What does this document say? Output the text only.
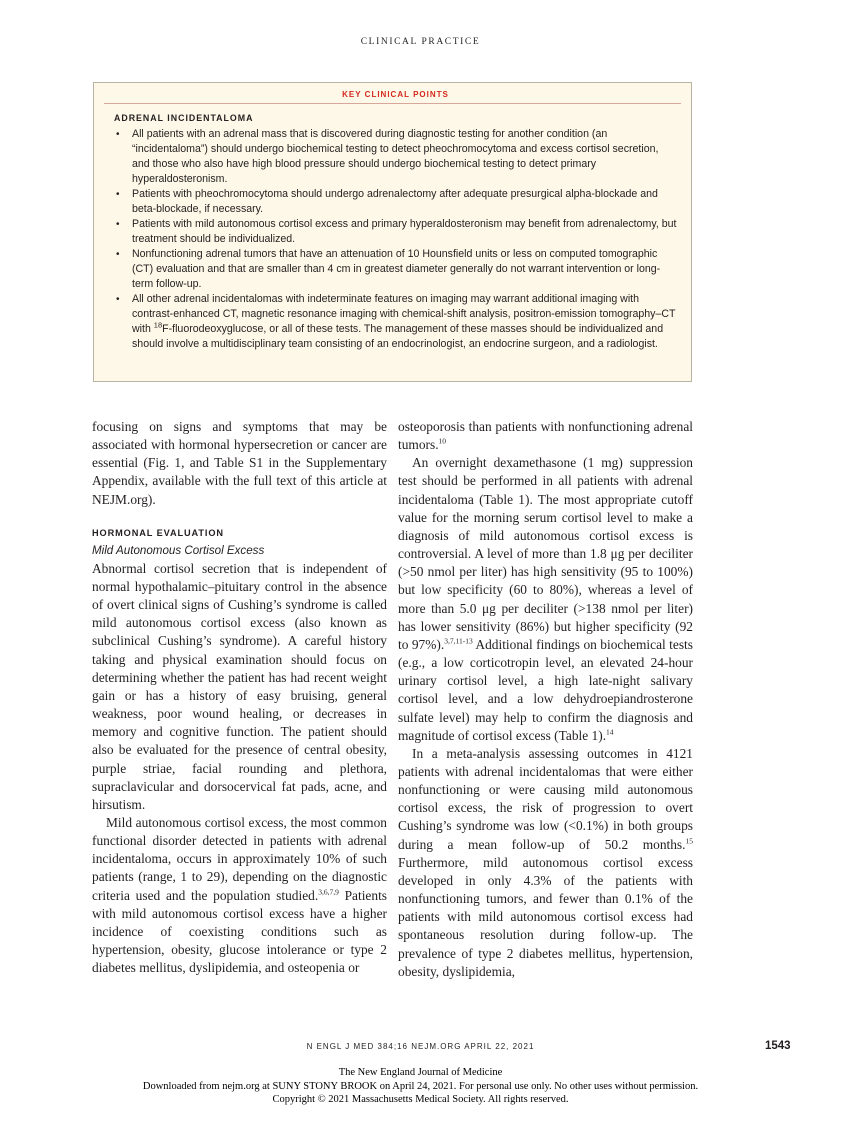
CLINICAL PRACTICE
KEY CLINICAL POINTS
ADRENAL INCIDENTALOMA
• All patients with an adrenal mass that is discovered during diagnostic testing for another condition (an “incidentaloma”) should undergo biochemical testing to detect pheochromocytoma and excess cortisol secretion, and those who also have high blood pressure should undergo biochemical testing to detect primary hyperaldosteronism.
• Patients with pheochromocytoma should undergo adrenalectomy after adequate presurgical alpha-blockade and beta-blockade, if necessary.
• Patients with mild autonomous cortisol excess and primary hyperaldosteronism may benefit from adrenalectomy, but treatment should be individualized.
• Nonfunctioning adrenal tumors that have an attenuation of 10 Hounsfield units or less on computed tomographic (CT) evaluation and that are smaller than 4 cm in greatest diameter generally do not warrant intervention or long-term follow-up.
• All other adrenal incidentalomas with indeterminate features on imaging may warrant additional imaging with contrast-enhanced CT, magnetic resonance imaging with chemical-shift analysis, positron-emission tomography–CT with $^{18}$F-fluorodeoxyglucose, or all of these tests. The management of these masses should be individualized and should involve a multidisciplinary team consisting of an endocrinologist, an endocrine surgeon, and a radiologist.

focusing on signs and symptoms that may be associated with hormonal hypersecretion or cancer are essential (Fig. 1, and Table S1 in the Supplementary Appendix, available with the full text of this article at NEJM.org).

HORMONAL EVALUATION
Mild Autonomous Cortisol Excess

Abnormal cortisol secretion that is independent of normal hypothalamic–pituitary control in the absence of overt clinical signs of Cushing’s syndrome is called mild autonomous cortisol excess (also known as subclinical Cushing’s syndrome). A careful history taking and physical examination should focus on determining whether the patient has had recent weight gain or has a history of easy bruising, general weakness, poor wound healing, or decreases in memory and cognitive function. The patient should also be evaluated for the presence of central obesity, purple striae, facial rounding and plethora, supraclavicular and dorsocervical fat pads, acne, and hirsutism.

Mild autonomous cortisol excess, the most common functional disorder detected in patients with adrenal incidentaloma, occurs in approximately 10% of such patients (range, 1 to 29), depending on the diagnostic criteria used and the population studied.$^{3,6,7,9}$ Patients with mild autonomous cortisol excess have a higher incidence of coexisting conditions such as hypertension, obesity, glucose intolerance or type 2 diabetes mellitus, dyslipidemia, and osteopenia or

osteoporosis than patients with nonfunctioning adrenal tumors.$^{10}$

An overnight dexamethasone (1 mg) suppression test should be performed in all patients with adrenal incidentaloma (Table 1). The most appropriate cutoff value for the morning serum cortisol level to make a diagnosis of mild autonomous cortisol excess is controversial. A level of more than 1.8 μg per deciliter (>50 nmol per liter) has high sensitivity (95 to 100%) but low specificity (60 to 80%), whereas a level of more than 5.0 μg per deciliter (>138 nmol per liter) has lower sensitivity (86%) but higher specificity (92 to 97%).$^{3,7,11-13}$ Additional findings on biochemical tests (e.g., a low corticotropin level, an elevated 24-hour urinary cortisol level, a high late-night salivary cortisol level, and a low dehydroepiandrosterone sulfate level) may help to confirm the diagnosis and magnitude of cortisol excess (Table 1).$^{14}$

In a meta-analysis assessing outcomes in 4121 patients with adrenal incidentalomas that were either nonfunctioning or were causing mild autonomous cortisol excess, the risk of progression to overt Cushing’s syndrome was low (<0.1%) in both groups during a mean follow-up of 50.2 months.$^{15}$ Furthermore, mild autonomous cortisol excess developed in only 4.3% of the patients with nonfunctioning tumors, and fewer than 0.1% of the patients with mild autonomous cortisol excess had spontaneous resolution during follow-up. The prevalence of type 2 diabetes mellitus, hypertension, obesity, dyslipidemia,

N ENGL J MED 384;16 NEJM.ORG APRIL 22, 2021	1543
The New England Journal of Medicine
Downloaded from nejm.org at SUNY STONY BROOK on April 24, 2021. For personal use only. No other uses without permission.
Copyright © 2021 Massachusetts Medical Society. All rights reserved.
